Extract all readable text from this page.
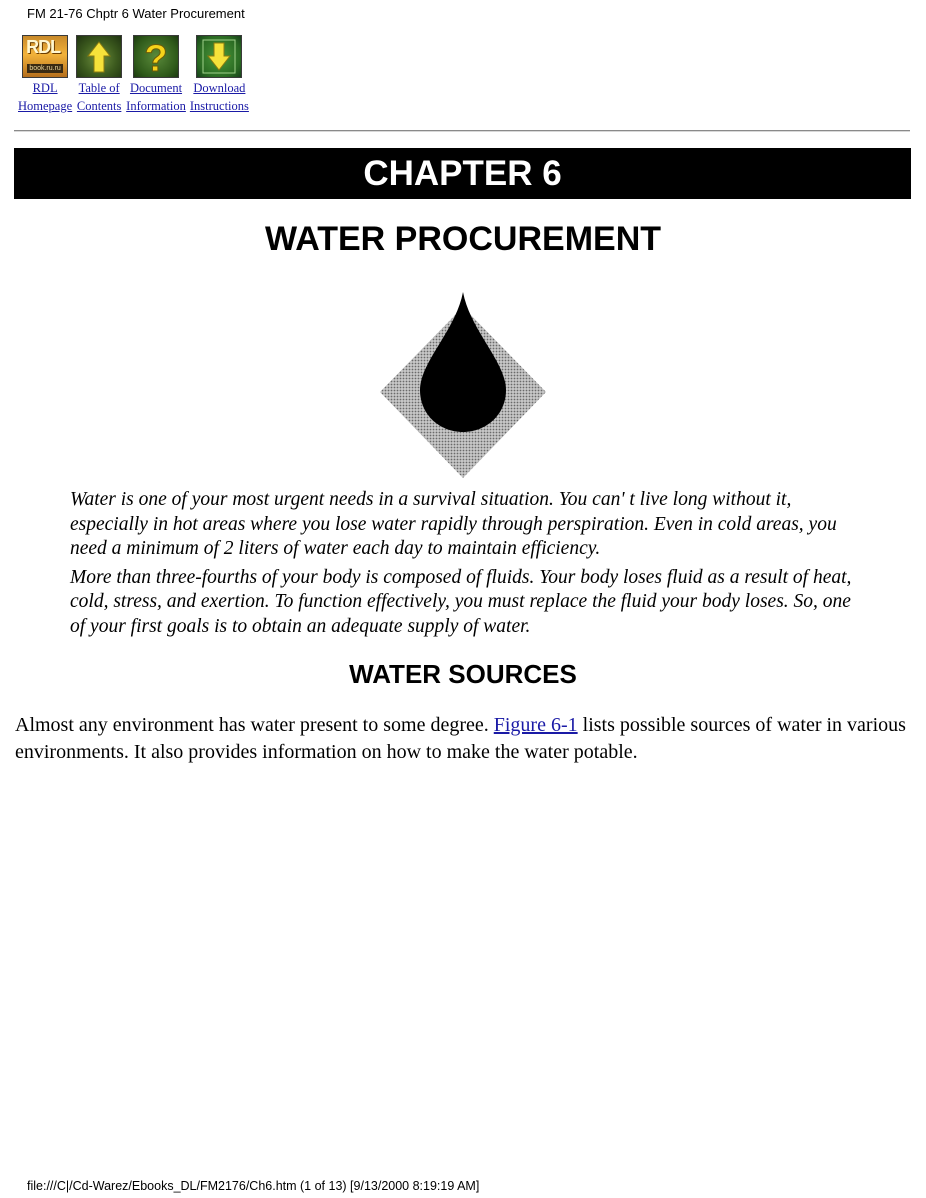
FM 21-76 Chptr 6 Water Procurement
RDL
book.ru.ru
RDL
Homepage
Table of
Contents
?
Document
Information
Download
Instructions
CHAPTER 6
WATER PROCUREMENT

Water is one of your most urgent needs in a survival situation. You can' t live long without it, especially in hot areas where you lose water rapidly through perspiration. Even in cold areas, you need a minimum of 2 liters of water each day to maintain efficiency.

More than three-fourths of your body is composed of fluids. Your body loses fluid as a result of heat, cold, stress, and exertion. To function effectively, you must replace the fluid your body loses. So, one of your first goals is to obtain an adequate supply of water.

WATER SOURCES
Almost any environment has water present to some degree. Figure 6-1 lists possible sources of water in various environments. It also provides information on how to make the water potable.
file:///C|/Cd-Warez/Ebooks_DL/FM2176/Ch6.htm (1 of 13) [9/13/2000 8:19:19 AM]
